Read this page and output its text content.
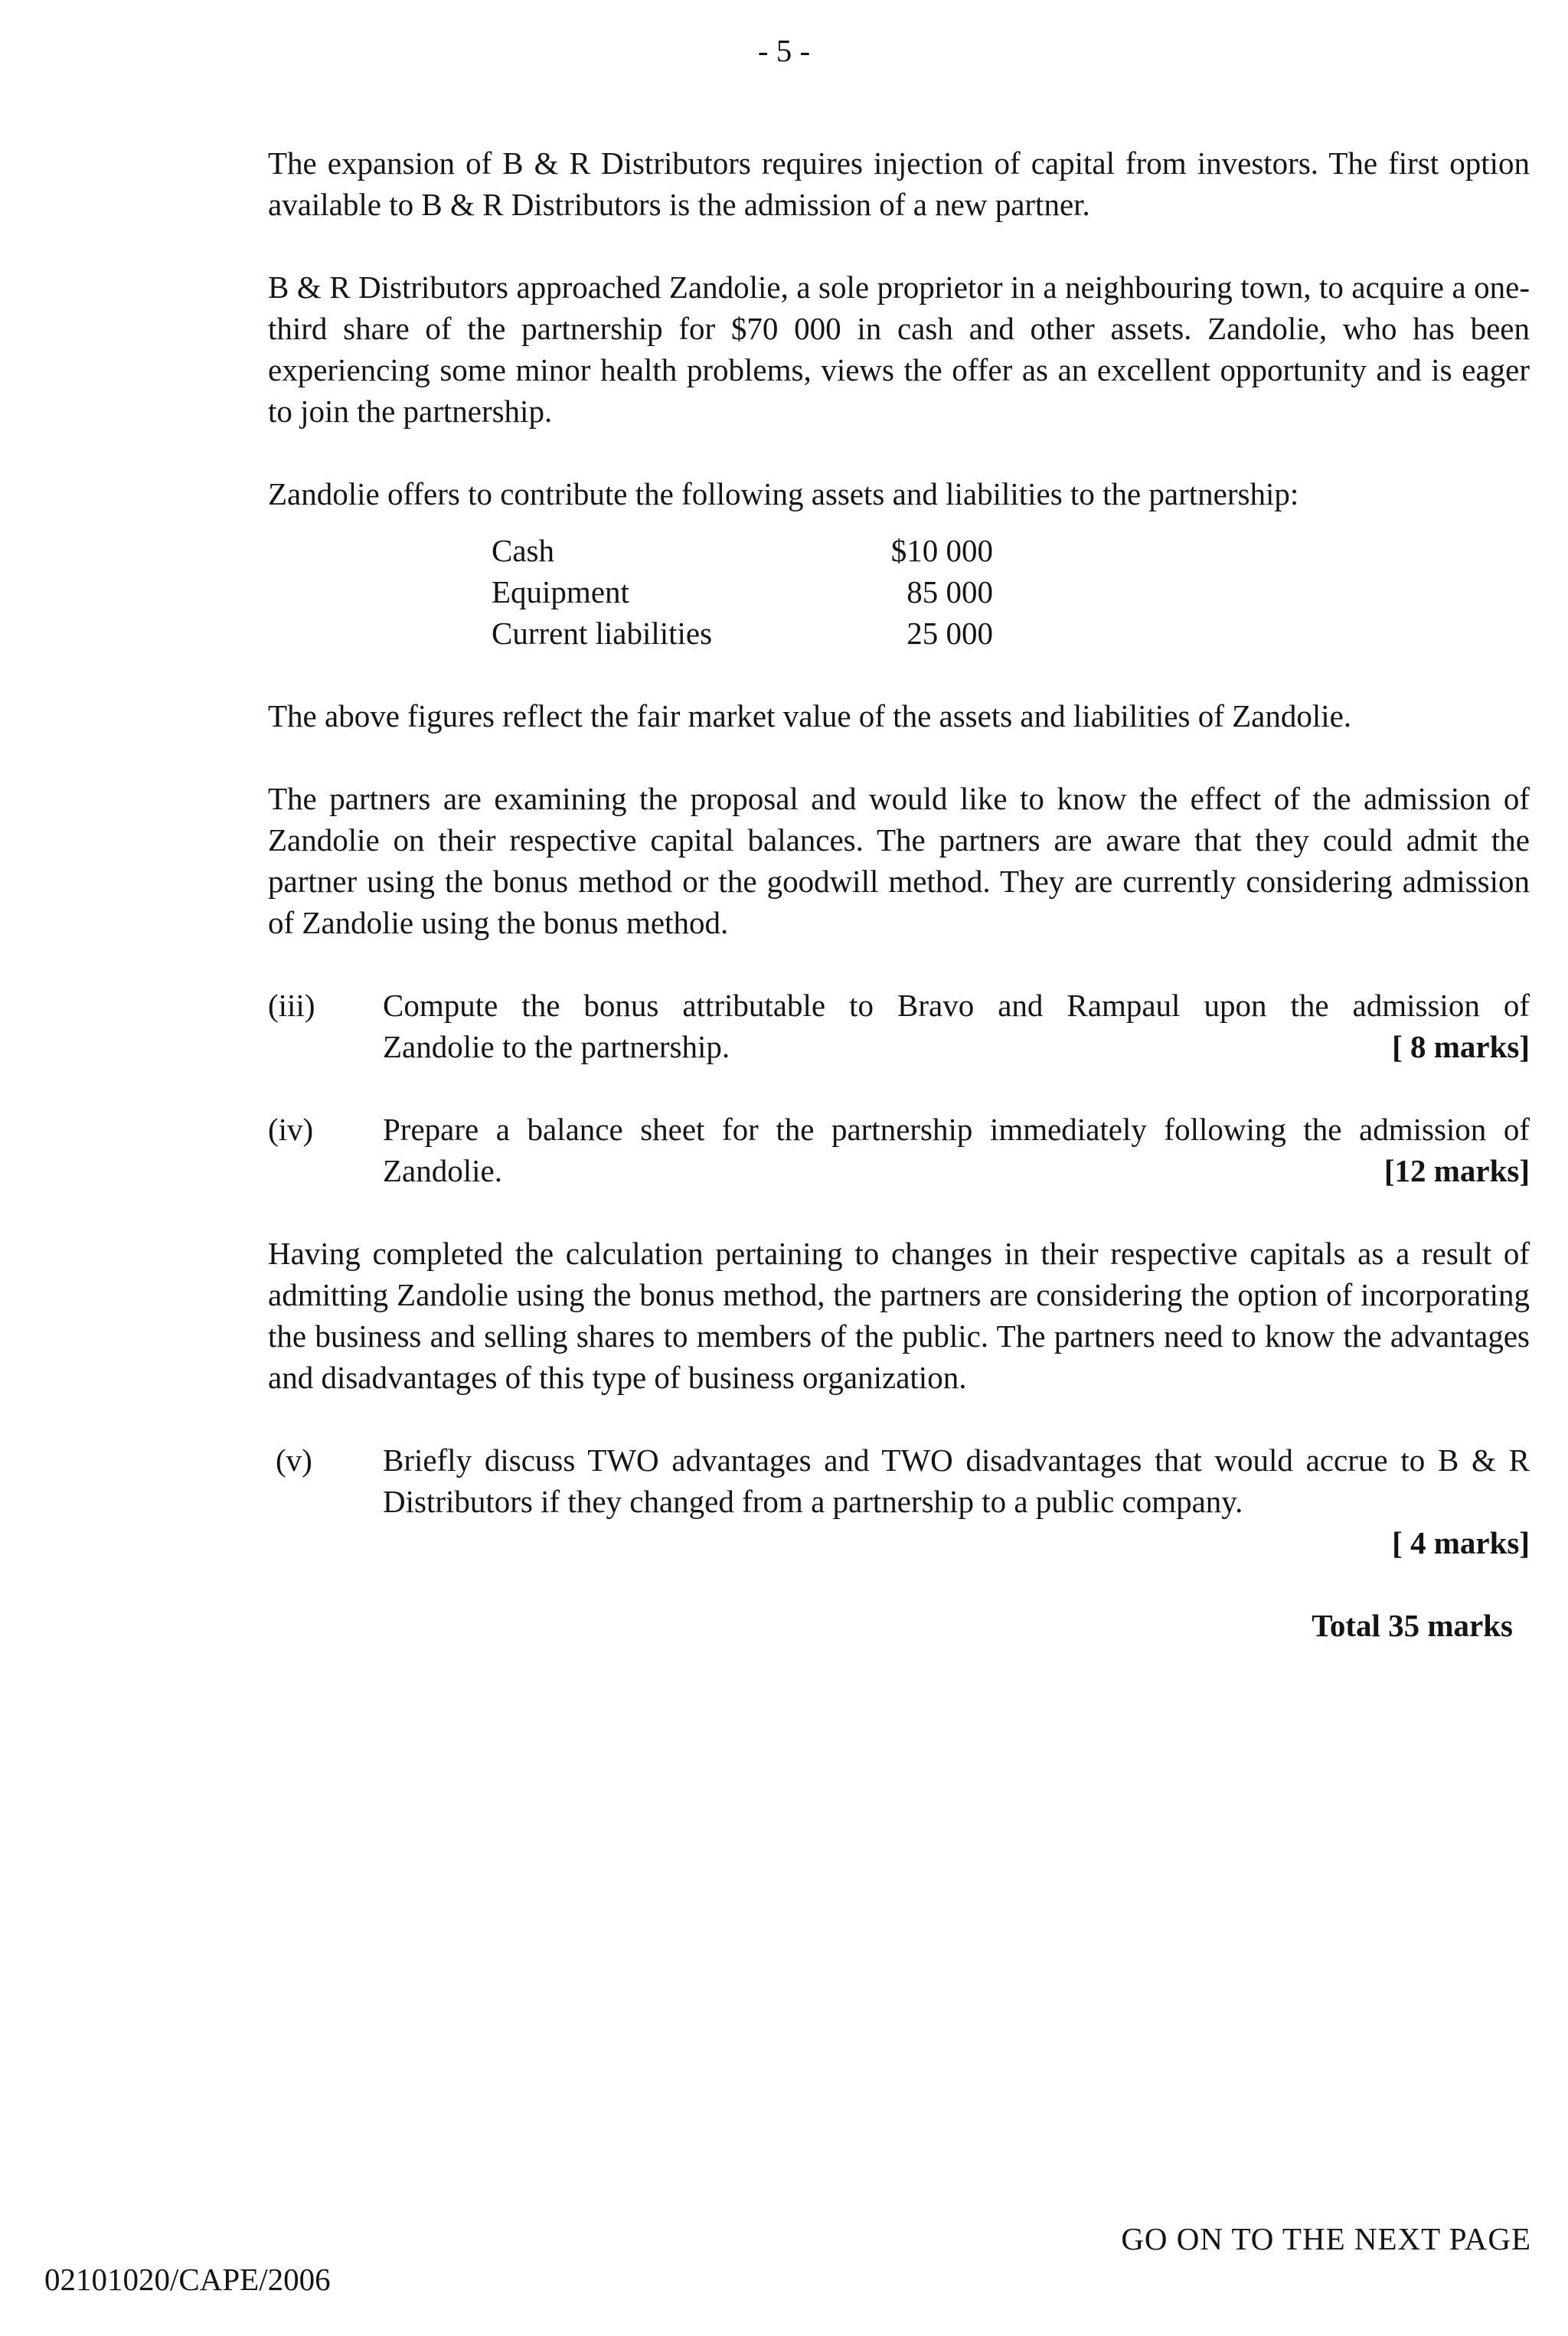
- 5 -

The expansion of B & R Distributors requires injection of capital from investors. The first option available to B & R Distributors is the admission of a new partner.

B & R Distributors approached Zandolie, a sole proprietor in a neighbouring town, to acquire a one-third share of the partnership for $70 000 in cash and other assets. Zandolie, who has been experiencing some minor health problems, views the offer as an excellent opportunity and is eager to join the partnership.

Zandolie offers to contribute the following assets and liabilities to the partnership:

Cash	$10 000
Equipment	85 000
Current liabilities	25 000

The above figures reflect the fair market value of the assets and liabilities of Zandolie.

The partners are examining the proposal and would like to know the effect of the admission of Zandolie on their respective capital balances. The partners are aware that they could admit the partner using the bonus method or the goodwill method. They are currently considering admission of Zandolie using the bonus method.

(iii)	Compute the bonus attributable to Bravo and Rampaul upon the admission of
Zandolie to the partnership.	[ 8 marks]
(iv)	Prepare a balance sheet for the partnership immediately following the admission of
Zandolie.	[12 marks]

Having completed the calculation pertaining to changes in their respective capitals as a result of admitting Zandolie using the bonus method, the partners are considering the option of incorporating the business and selling shares to members of the public. The partners need to know the advantages and disadvantages of this type of business organization.

(v)	Briefly discuss TWO advantages and TWO disadvantages that would accrue to B & R Distributors if they changed from a partnership to a public company.
[ 4 marks]
Total 35 marks
GO ON TO THE NEXT PAGE
02101020/CAPE/2006
